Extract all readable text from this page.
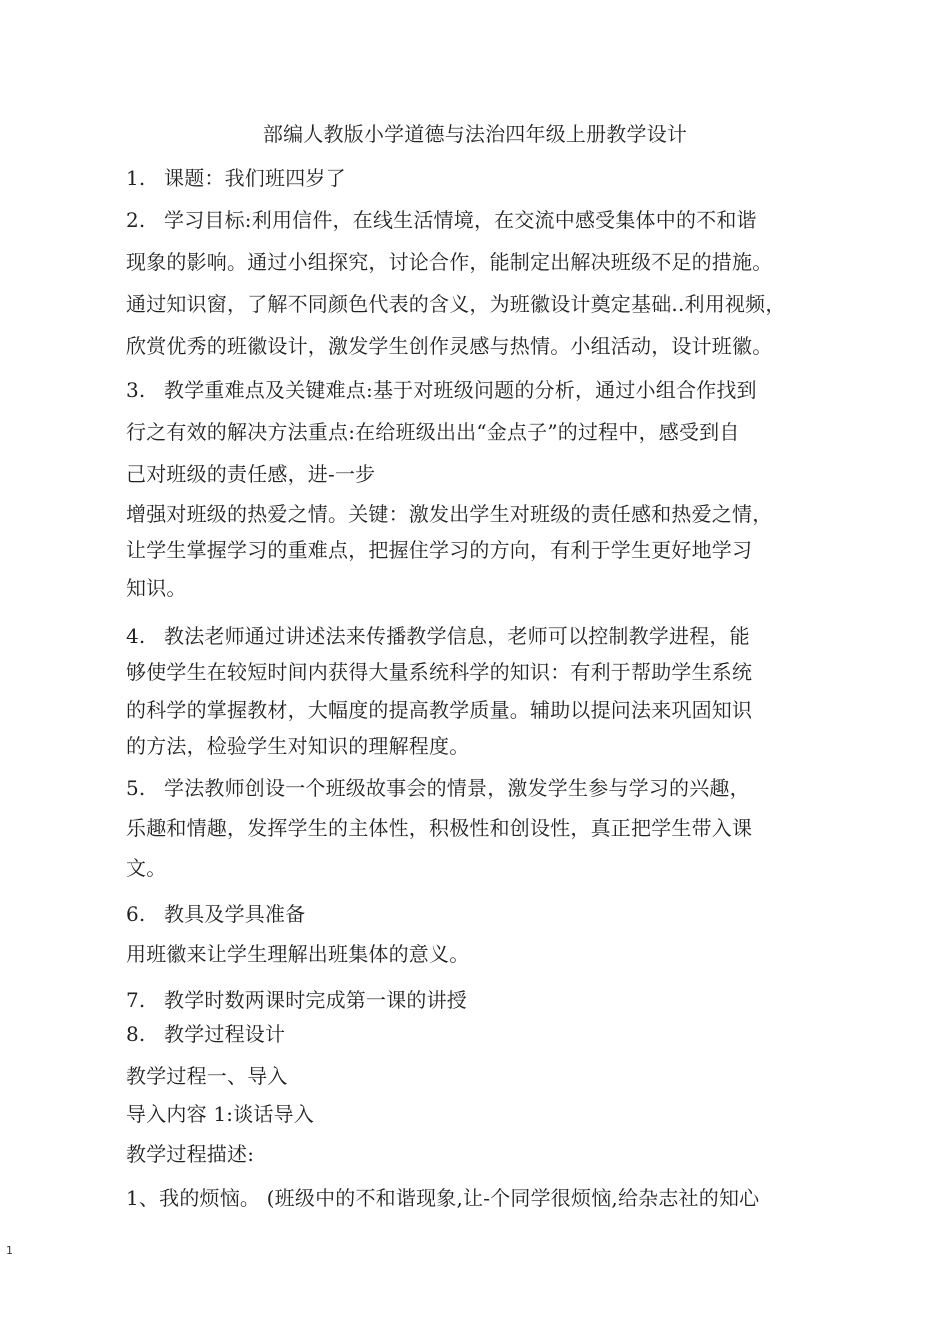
部编人教版小学道德与法治四年级上册教学设计
1. 课题：我们班四岁了
2. 学习目标:利用信件，在线生活情境，在交流中感受集体中的不和谐
现象的影响。通过小组探究，讨论合作，能制定出解决班级不足的措施。
通过知识窗，了解不同颜色代表的含义，为班徽设计奠定基础..利用视频，
欣赏优秀的班徽设计，激发学生创作灵感与热情。小组活动，设计班徽。
3. 教学重难点及关键难点:基于对班级问题的分析，通过小组合作找到
行之有效的解决方法重点:在给班级出出“金点子”的过程中，感受到自
己对班级的责任感，进-一步
增强对班级的热爱之情。关键：激发出学生对班级的责任感和热爱之情，
让学生掌握学习的重难点，把握住学习的方向，有利于学生更好地学习
知识。
4. 教法老师通过讲述法来传播教学信息，老师可以控制教学进程，能
够使学生在较短时间内获得大量系统科学的知识：有利于帮助学生系统
的科学的掌握教材，大幅度的提高教学质量。辅助以提问法来巩固知识
的方法，检验学生对知识的理解程度。
5. 学法教师创设一个班级故事会的情景，激发学生参与学习的兴趣，
乐趣和情趣，发挥学生的主体性，积极性和创设性，真正把学生带入课
文。
6. 教具及学具准备
用班徽来让学生理解出班集体的意义。
7. 教学时数两课时完成第一课的讲授
8. 教学过程设计
教学过程一、导入
导入内容 1:谈话导入
教学过程描述:
1、我的烦恼。 (班级中的不和谐现象,让-个同学很烦恼,给杂志社的知心
1
